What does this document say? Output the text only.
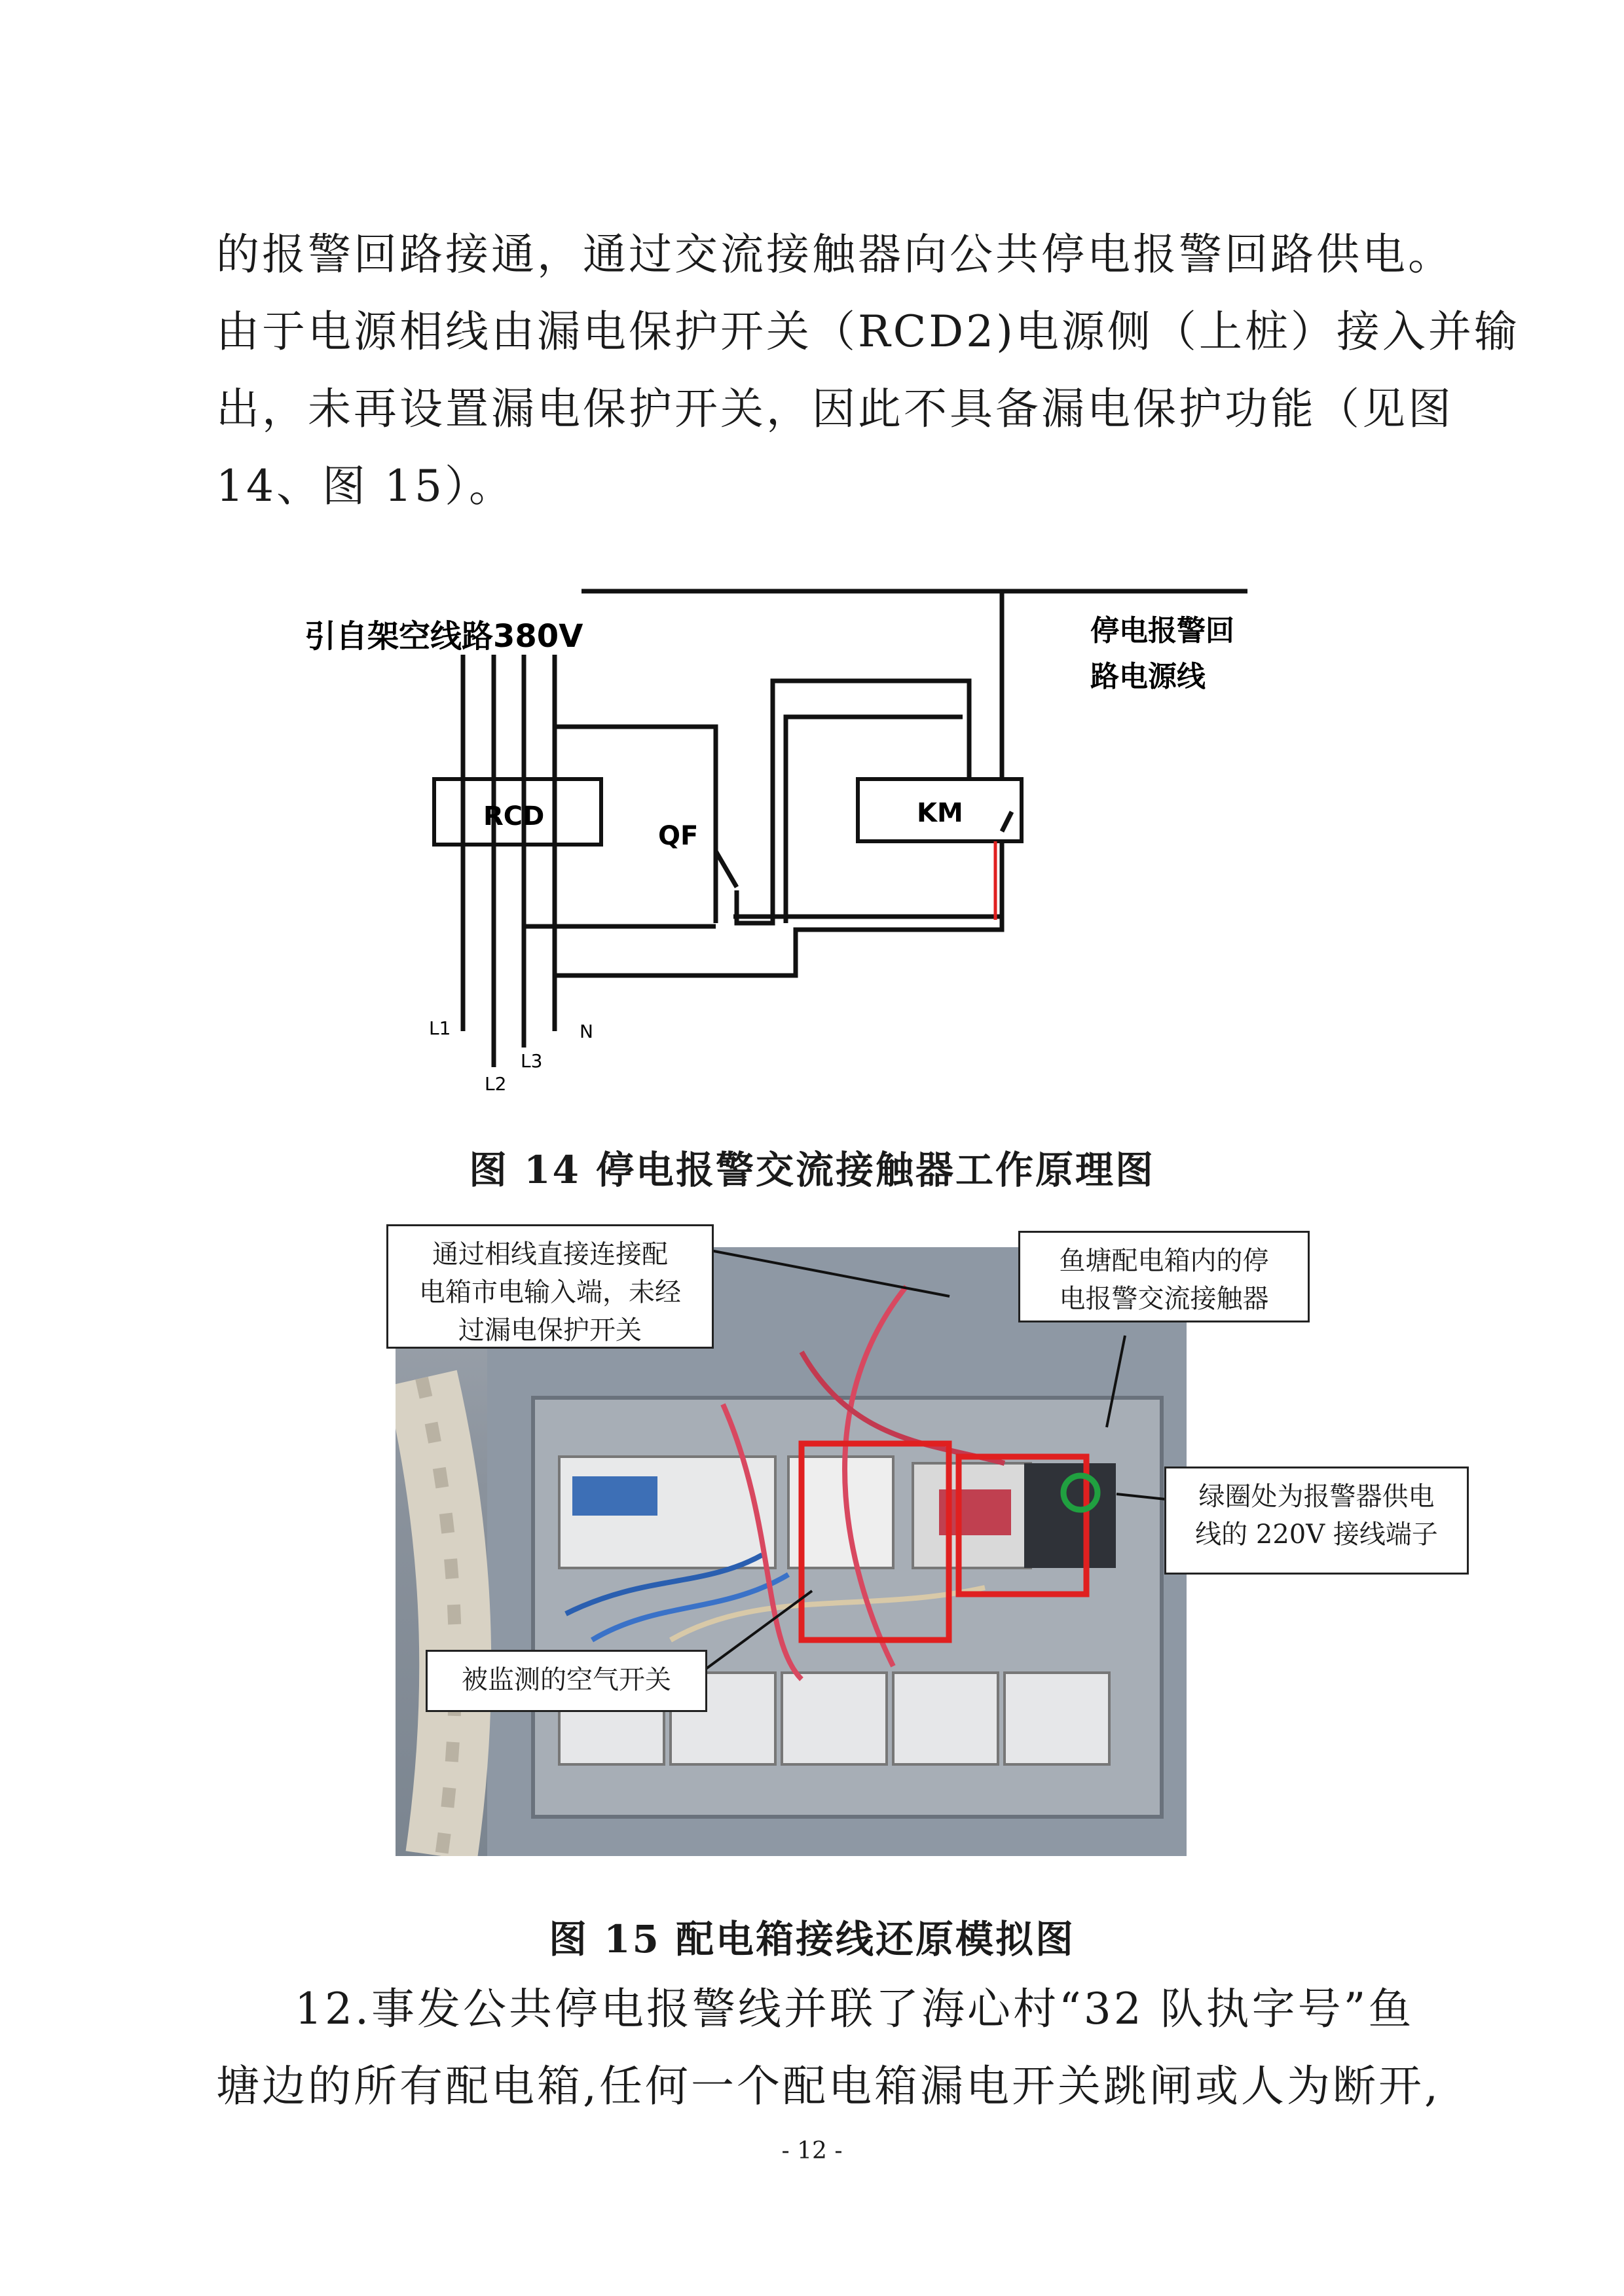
的报警回路接通，通过交流接触器向公共停电报警回路供电。
由于电源相线由漏电保护开关（RCD2)电源侧（上桩）接入并输
出，未再设置漏电保护开关，因此不具备漏电保护功能（见图
14、图 15）。
引自架空线路380V	停电报警回
路电源线
RCD
QF
KM
L1
L2
L3
N
图 14 停电报警交流接触器工作原理图
通过相线直接连接配
电箱市电输入端，未经
过漏电保护开关
鱼塘配电箱内的停
电报警交流接触器
绿圈处为报警器供电
线的 220V 接线端子
被监测的空气开关
图 15 配电箱接线还原模拟图
12.事发公共停电报警线并联了海心村“32 队执字号”鱼
塘边的所有配电箱,任何一个配电箱漏电开关跳闸或人为断开,
- 12 -
